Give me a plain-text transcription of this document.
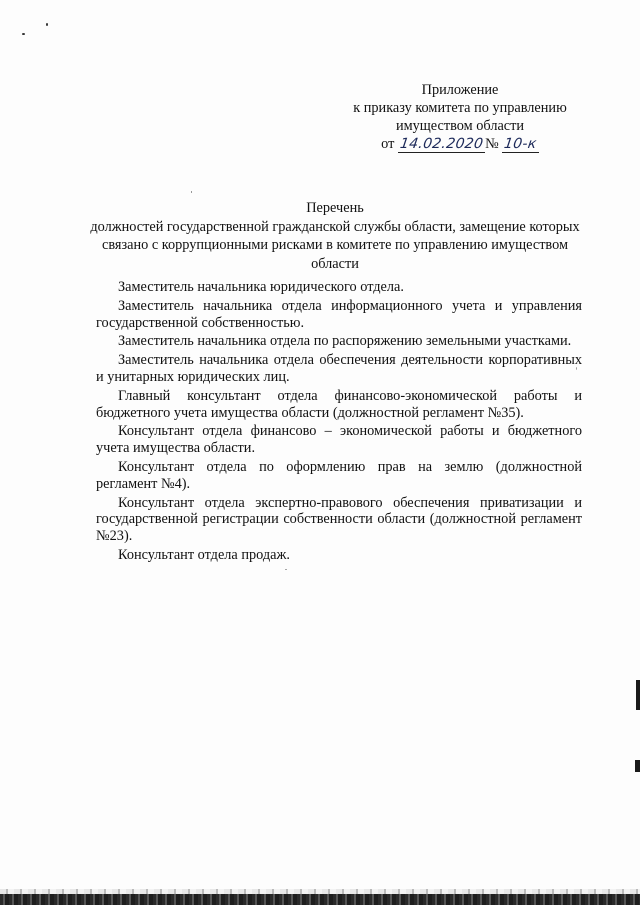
Приложение
к приказу комитета по управлению
имуществом области
от 14.02.2020№ 10-к
Перечень
должностей государственной гражданской службы области, замещение которых связано с коррупционными рисками в комитете по управлению имуществом области

Заместитель начальника юридического отдела.

Заместитель начальника отдела информационного учета и управления государственной собственностью.

Заместитель начальника отдела по распоряжению земельными участками.

Заместитель начальника отдела обеспечения деятельности корпоративных и унитарных юридических лиц.

Главный консультант отдела финансово-экономической работы и бюджетного учета имущества области (должностной регламент №35).

Консультант отдела финансово – экономической работы и бюджетного учета имущества области.

Консультант отдела по оформлению прав на землю (должностной регламент №4).

Консультант отдела экспертно-правового обеспечения приватизации и государственной регистрации собственности области (должностной регламент №23).

Консультант отдела продаж.
